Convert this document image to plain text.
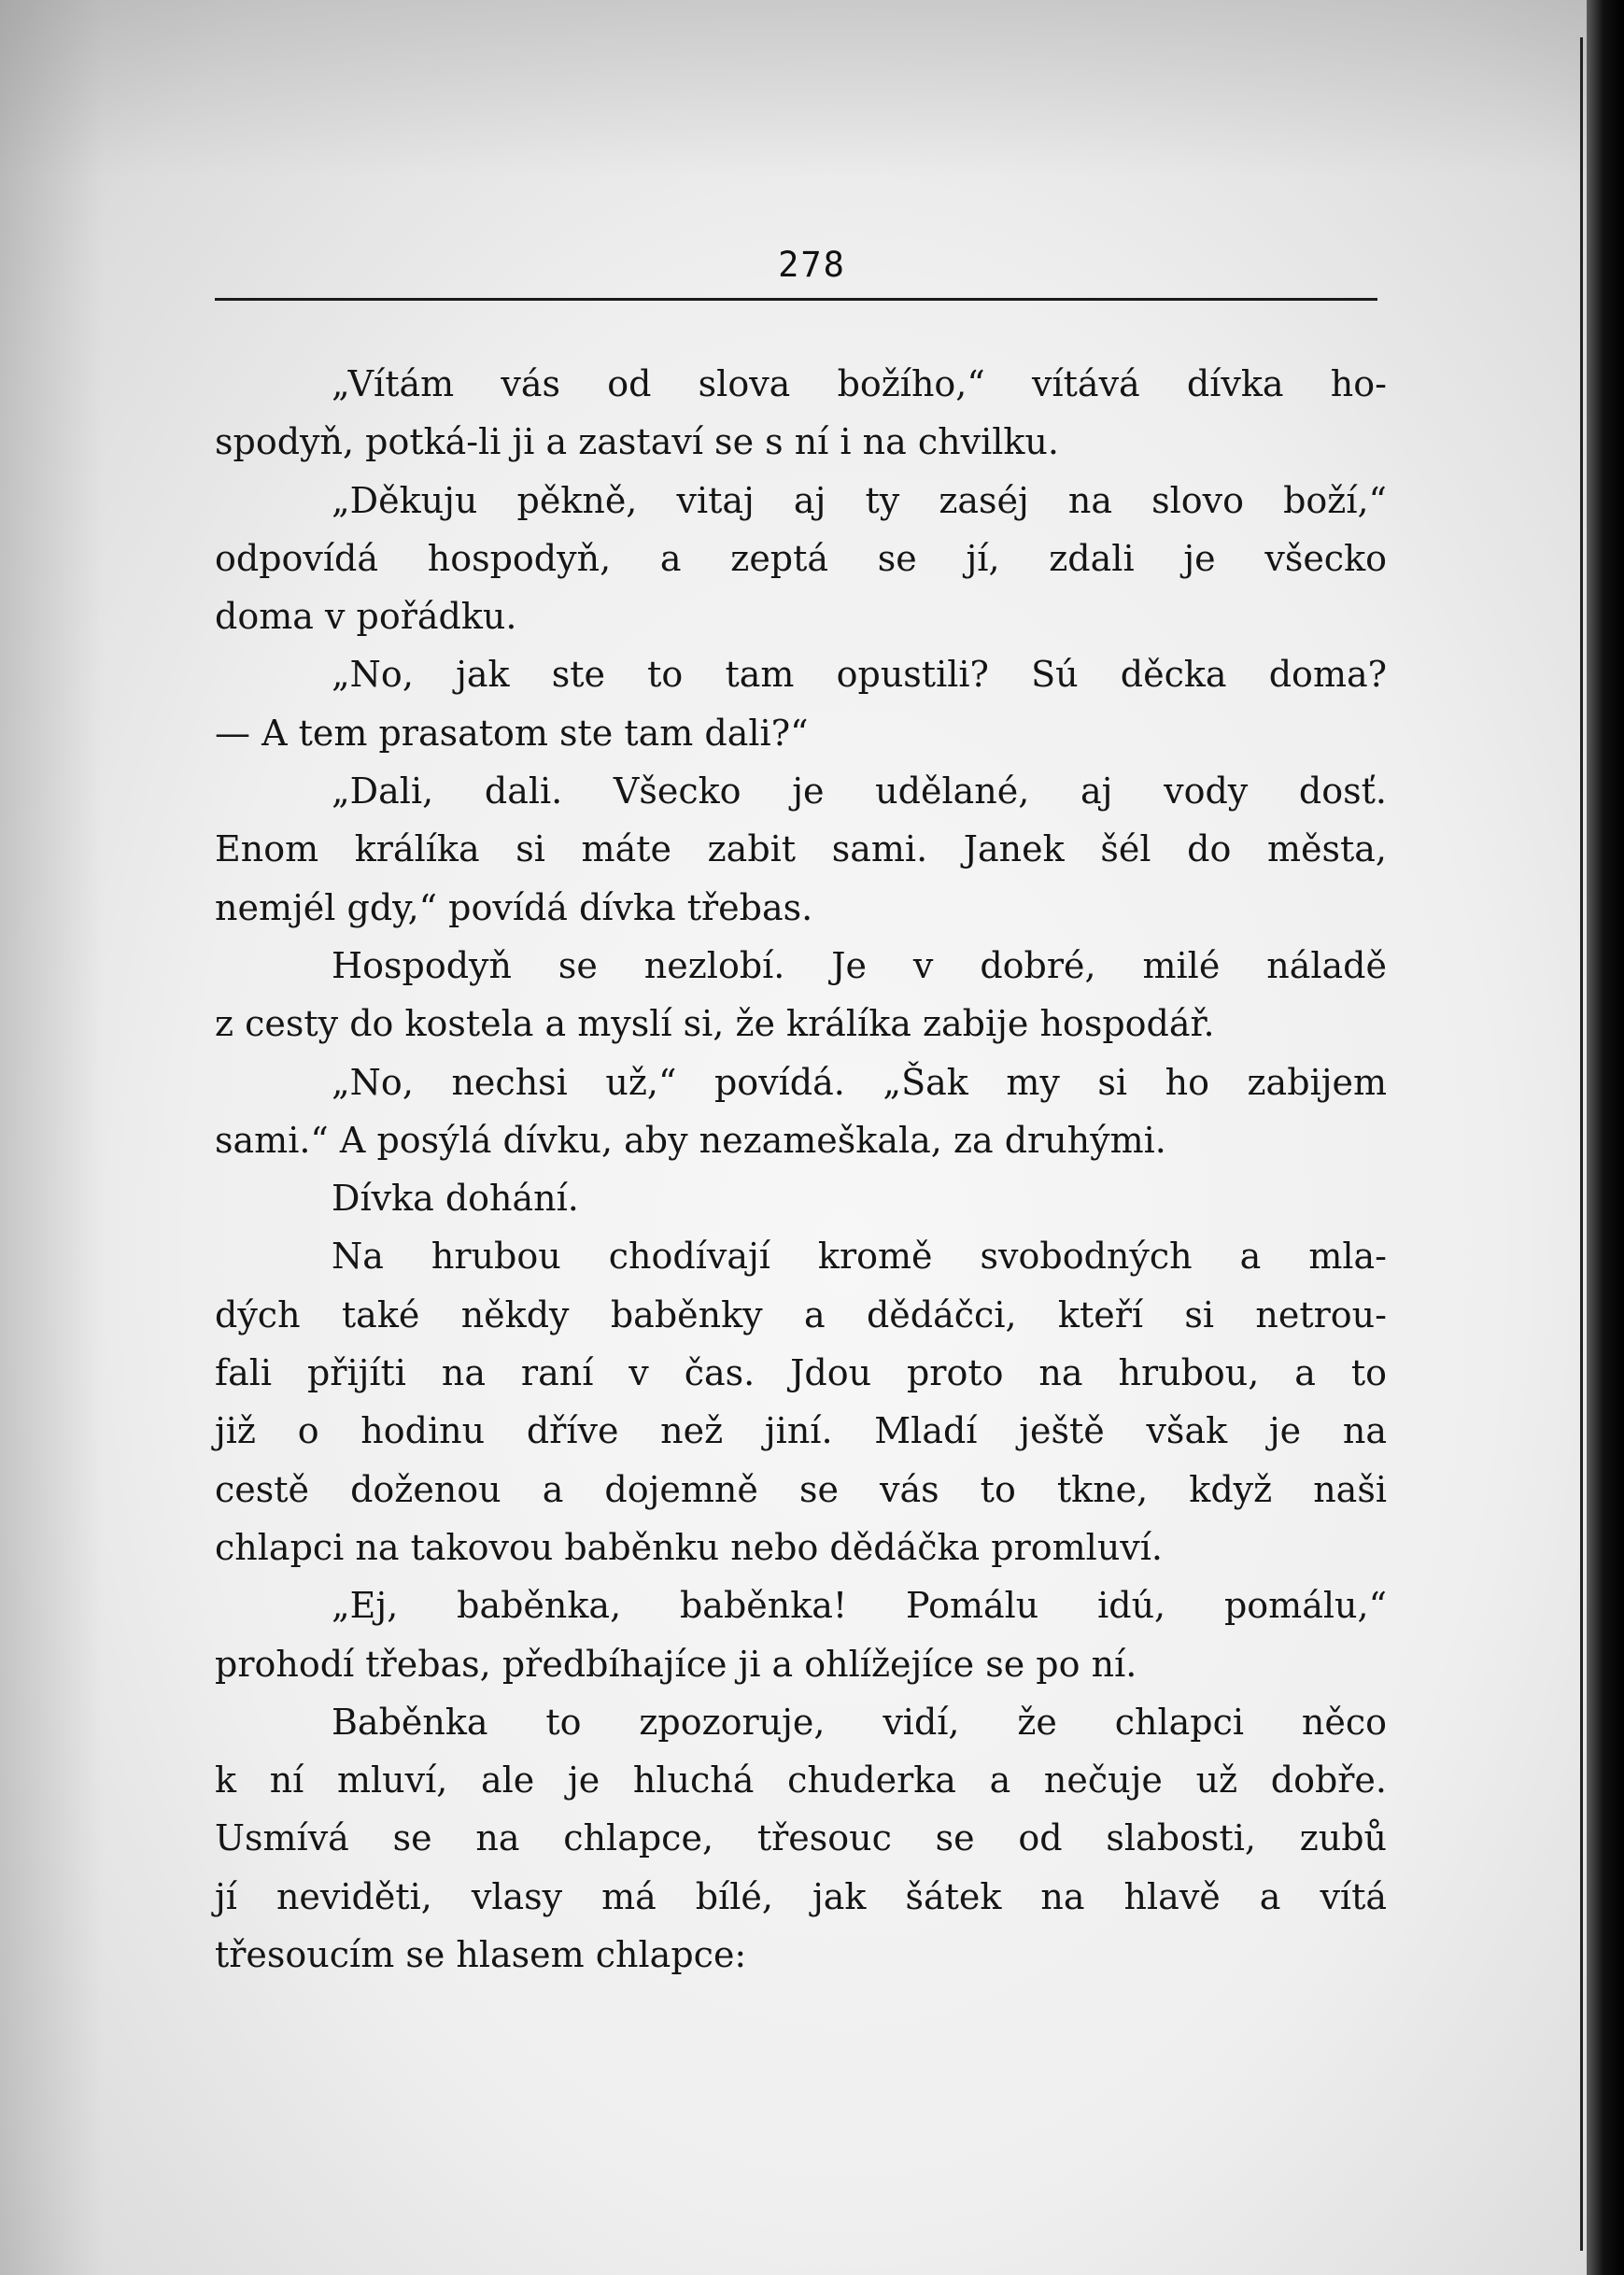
278
„Vítám vás od slova božího,“ vítává dívka ho-
spodyň, potká-li ji a zastaví se s ní i na chvilku.
„Děkuju pěkně, vitaj aj ty zaséj na slovo boží,“
odpovídá hospodyň, a zeptá se jí, zdali je všecko
doma v pořádku.
„No, jak ste to tam opustili? Sú děcka doma?
— A tem prasatom ste tam dali?“
„Dali, dali. Všecko je udělané, aj vody dosť.
Enom králíka si máte zabit sami. Janek šél do města,
nemjél gdy,“ povídá dívka třebas.
Hospodyň se nezlobí. Je v dobré, milé náladě
z cesty do kostela a myslí si, že králíka zabije hospodář.
„No, nechsi už,“ povídá. „Šak my si ho zabijem
sami.“ A posýlá dívku, aby nezameškala, za druhými.
Dívka dohání.
Na hrubou chodívají kromě svobodných a mla-
dých také někdy baběnky a dědáčci, kteří si netrou-
fali přijíti na raní v čas. Jdou proto na hrubou, a to
již o hodinu dříve než jiní. Mladí ještě však je na
cestě doženou a dojemně se vás to tkne, když naši
chlapci na takovou baběnku nebo dědáčka promluví.
„Ej, baběnka, baběnka! Pomálu idú, pomálu,“
prohodí třebas, předbíhajíce ji a ohlížejíce se po ní.
Baběnka to zpozoruje, vidí, že chlapci něco
k ní mluví, ale je hluchá chuderka a nečuje už dobře.
Usmívá se na chlapce, třesouc se od slabosti, zubů
jí neviděti, vlasy má bílé, jak šátek na hlavě a vítá
třesoucím se hlasem chlapce:
